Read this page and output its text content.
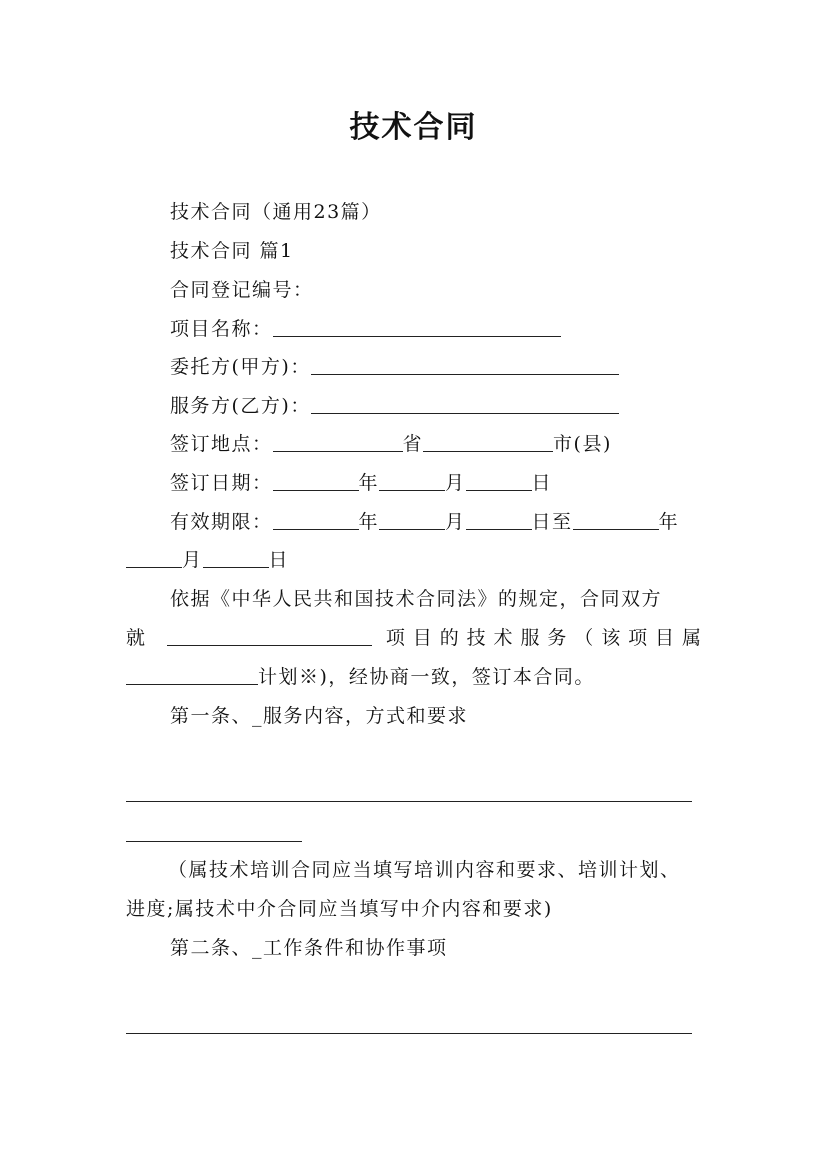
技术合同
技术合同（通用23篇）
技术合同 篇1
合同登记编号：
项目名称：
委托方(甲方)：
服务方(乙方)：
签订地点：	省	市(县)
签订日期：	年	月	日
有效期限：	年	月	日至	年
月	日
依据《中华人民共和国技术合同法》的规定，合同双方
就	项目的技术服务（该项目属
计划※)，经协商一致，签订本合同。
第一条、_服务内容，方式和要求
（属技术培训合同应当填写培训内容和要求、培训计划、
进度;属技术中介合同应当填写中介内容和要求)
第二条、_工作条件和协作事项
